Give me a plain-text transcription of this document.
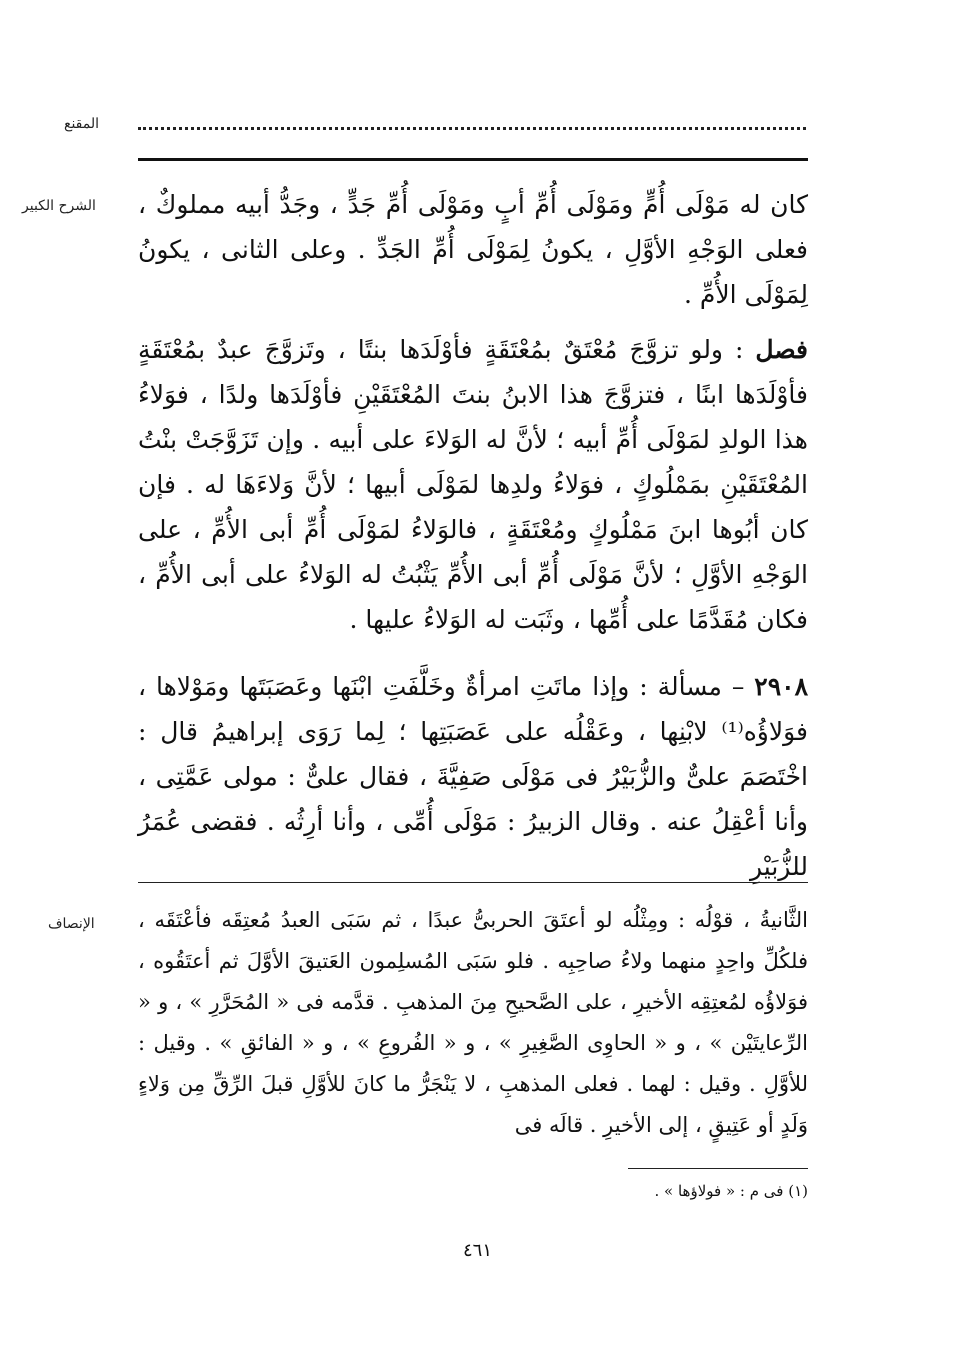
المقنع
الشرح الكبير كان له مَوْلَى أُمٍّ ومَوْلَى أُمِّ أبٍ ومَوْلَى أُمِّ جَدٍّ ، وجَدُّ أبيه مملوكٌ ، فعلى الوَجْهِ الأوَّلِ ، يكونُ لِمَوْلَى أُمِّ الجَدِّ . وعلى الثانى ، يكونُ لِمَوْلَى الأُمِّ .

فصل : ولو تزوَّجَ مُعْتَقٌ بمُعْتَقَةٍ فأوْلَدَها بنتًا ، وتَزوَّجَ عبدٌ بمُعْتَقَةٍ فأوْلَدَها ابنًا ، فتزوَّجَ هذا الابنُ بنتَ المُعْتَقَيْنِ فأوْلَدَها ولدًا ، فوَلاءُ هذا الولدِ لمَوْلَى أُمِّ أبيه ؛ لأنَّ له الوَلاءَ على أبيه . وإن تَزَوَّجَتْ بنْتُ المُعْتَقَيْنِ بمَمْلُوكٍ ، فوَلاءُ ولدِها لمَوْلَى أبيها ؛ لأنَّ وَلاءَهَا له . فإن كان أبُوها ابنَ مَمْلُوكٍ ومُعْتَقَةٍ ، فالوَلاءُ لمَوْلَى أُمِّ أبى الأُمِّ ، على الوَجْهِ الأوَّلِ ؛ لأنَّ مَوْلَى أُمِّ أبى الأُمِّ يَثْبُتُ له الوَلاءُ على أبى الأُمِّ ، فكان مُقَدَّمًا على أُمِّها ، وثَبَت له الوَلاءُ عليها .

٢٩٠٨ – مسألة : وإذا ماتَتِ امرأةٌ وخَلَّفَتِ ابْنَها وعَصَبَتَها ومَوْلاها ، فوَلاؤُه⁽¹⁾ لابْنِها ، وعَقْلُه على عَصَبَتِها ؛ لِما رَوَى إبراهيمُ قال : اخْتَصَمَ علىٌّ والزُّبَيْرُ فى مَوْلَى صَفِيَّةَ ، فقال علىٌّ : مولى عَمَّتِى ، وأنا أعْقِلُ عنه . وقال الزبيرُ : مَوْلَى أُمِّى ، وأنا أرِثُه . فقضى عُمَرُ للزُّبَيْرِ

الإنصاف الثَّانيةُ ، قوْلُه : ومِثْلُه لو أعتَقَ الحربىُّ عبدًا ، ثم سَبَى العبدُ مُعتِقَه فأعْتَقَه ، فلكُلِّ واحِدٍ منهما ولاءُ صاحِبِه . فلو سَبَى المُسلِمون العَتيقَ الأوَّلَ ثم أعتَقُوه ، فوَلاؤُه لمُعتِقِه الأخيرِ ، على الصَّحيحِ مِنَ المذهبِ . قدَّمه فى « المُحَرَّرِ » ، و « الرِّعايتَيْن » ، و « الحاوِى الصَّغِيرِ » ، و « الفُروعِ » ، و « الفائقِ » . وقيل : للأوَّلِ . وقيل : لهما . فعلى المذهبِ ، لا يَنْجَرُّ ما كانَ للأوَّلِ قبلَ الرِّقِّ مِن وَلاءٍ وَلَدٍ أو عَتِيقٍ ، إلى الأخيرِ . قالَه فى

(١) فى م : « فولاؤها » .
٤٦١
